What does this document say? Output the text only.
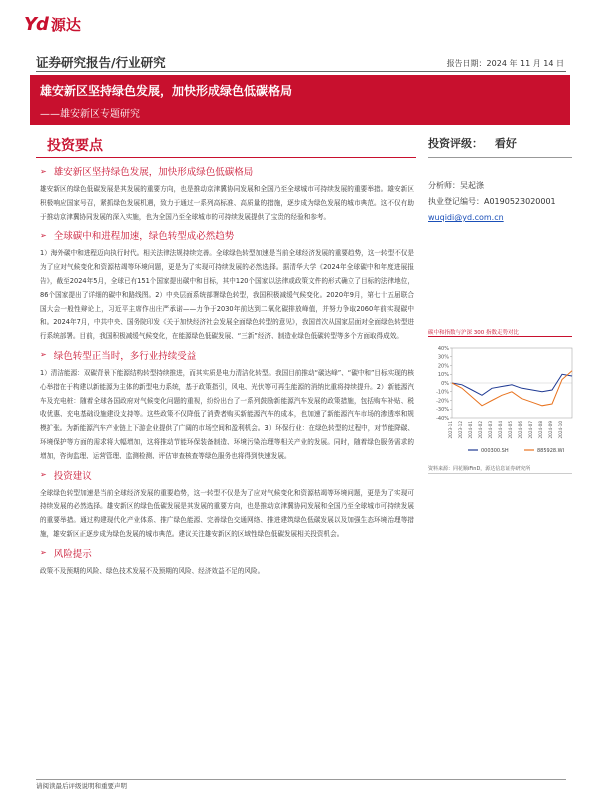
Yd 源达
证券研究报告/行业研究	报告日期：2024 年 11 月 14 日
雄安新区坚持绿色发展，加快形成绿色低碳格局
——雄安新区专题研究
投资要点	投资评级： 看好
➢ 雄安新区坚持绿色发展，加快形成绿色低碳格局

雄安新区的绿色低碳发展是其发展的重要方向，也是推动京津冀协同发展和全国乃至全球城市可持续发展的重要举措。雄安新区积极响应国家号召，紧抓绿色发展机遇，致力于通过一系列高标准、高质量的措施，逐步成为绿色发展的城市典范。这不仅有助于推动京津冀协同发展的深入实施，也为全国乃至全球城市的可持续发展提供了宝贵的经验和参考。

➢ 全球碳中和进程加速，绿色转型成必然趋势

1）海外碳中和进程迈向执行时代。相关法律法规持续完善。全球绿色转型加速是当前全球经济发展的重要趋势，这一转型不仅是为了应对气候变化和资源枯竭等环境问题，更是为了实现可持续发展的必然选择。据清华大学《2024年全球碳中和年度进展报告》，截至2024年5月，全球已有151个国家提出碳中和目标，其中120个国家以法律或政策文件的形式确立了目标的法律地位，86个国家提出了详细的碳中和路线图。2）中央层面系统部署绿色转型，我国积极减缓气候变化。2020年9月，第七十五届联合国大会一般性辩论上，习近平主席作出庄严承诺——力争于2030年前达到二氧化碳排放峰值，并努力争取2060年前实现碳中和。2024年7月，中共中央、国务院印发《关于加快经济社会发展全面绿色转型的意见》，我国首次从国家层面对全面绿色转型进行系统部署。目前，我国积极减缓气候变化，在能源绿色低碳发展、“三新”经济、制造业绿色低碳转型等多个方面取得成效。

➢ 绿色转型正当时，多行业持续受益

1）清洁能源：双碳背景下能源结构转型持续推进，而其实质是电力清洁化转型。我国目前推动“碳达峰”、“碳中和”目标实现的核心举措在于构建以新能源为主体的新型电力系统，基于政策指引，风电、光伏等可再生能源的消纳比重将持续提升。2）新能源汽车及充电桩：随着全球各国政府对气候变化问题的重视，纷纷出台了一系列鼓励新能源汽车发展的政策措施，包括购车补贴、税收优惠、充电基础设施建设支持等。这些政策不仅降低了消费者购买新能源汽车的成本，也加速了新能源汽车市场的渗透率和规模扩张。为新能源汽车产业链上下游企业提供了广阔的市场空间和盈利机会。3）环保行业：在绿色转型的过程中，对节能降碳、环境保护等方面的需求将大幅增加，这将推动节能环保装备制造、环境污染治理等相关产业的发展。同时，随着绿色服务需求的增加，咨询监理、运营管理、监测检测、评估审查核查等绿色服务也将得到快速发展。

➢ 投资建议

全球绿色转型加速是当前全球经济发展的重要趋势，这一转型不仅是为了应对气候变化和资源枯竭等环境问题，更是为了实现可持续发展的必然选择。雄安新区的绿色低碳发展是其发展的重要方向，也是推动京津冀协同发展和全国乃至全球城市可持续发展的重要举措。通过构建现代化产业体系、推广绿色能源、完善绿色交通网络、推进建筑绿色低碳发展以及加强生态环境治理等措施，雄安新区正逐步成为绿色发展的城市典范。建议关注雄安新区的区域性绿色低碳发展相关投资机会。

➢ 风险提示

政策不及预期的风险、绿色技术发展不及预期的风险、经济效益不足的风险。

分析师：吴起涤
执业登记编号：A0190523020001
wuqidi@yd.com.cn
碳中和指数与沪深 300 指数走势对比
40%
30%
20%
10%
0%
-10%
-20%
-30%
-40%
2023-11 2023-12 2024-01 2024-02 2024-03 2024-04 2024-05 2024-06 2024-07 2024-08 2024-09 2024-10
000300.SH	885928.WI
资料来源：同花顺iFinD，源达信息证券研究所
请阅读最后评级说明和重要声明
